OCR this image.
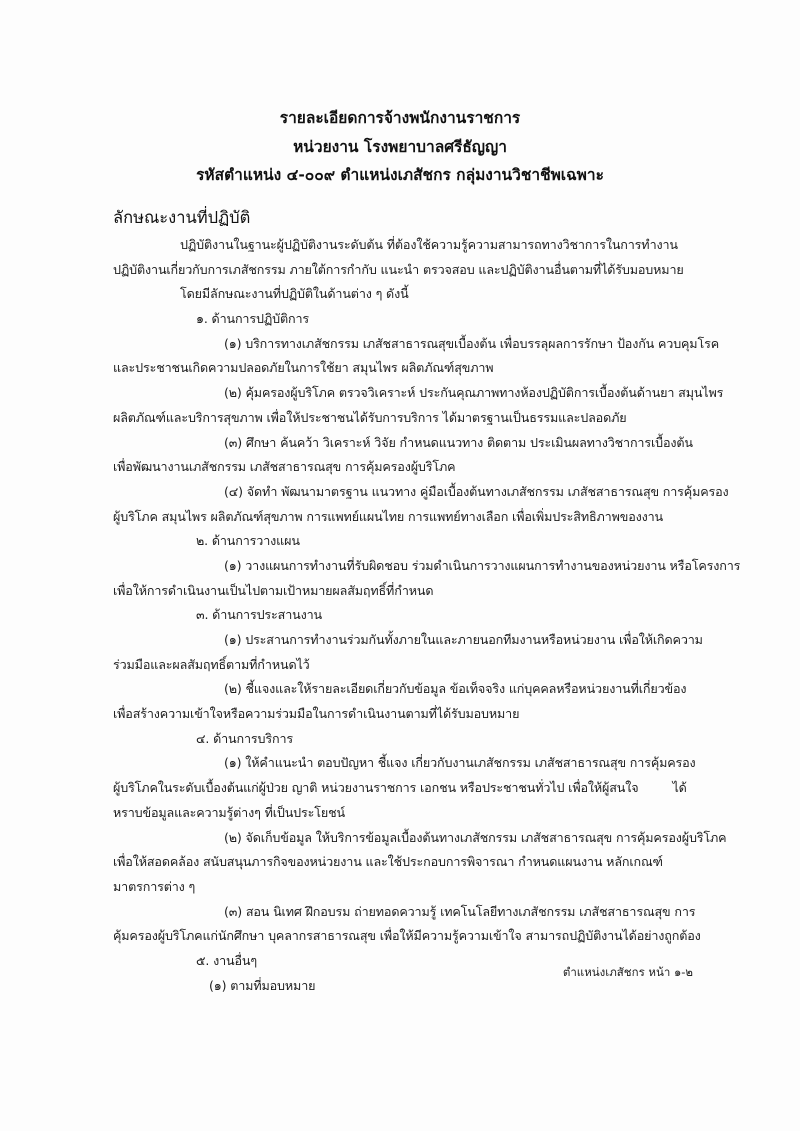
รายละเอียดการจ้างพนักงานราชการ
หน่วยงาน โรงพยาบาลศรีธัญญา
รหัสตำแหน่ง ๔-๐๐๙ ตำแหน่งเภสัชกร กลุ่มงานวิชาชีพเฉพาะ
ลักษณะงานที่ปฏิบัติ
ปฏิบัติงานในฐานะผู้ปฏิบัติงานระดับต้น ที่ต้องใช้ความรู้ความสามารถทางวิชาการในการทำงาน
ปฏิบัติงานเกี่ยวกับการเภสัชกรรม ภายใต้การกำกับ แนะนำ ตรวจสอบ และปฏิบัติงานอื่นตามที่ได้รับมอบหมาย
โดยมีลักษณะงานที่ปฏิบัติในด้านต่าง ๆ ดังนี้
๑. ด้านการปฏิบัติการ
(๑) บริการทางเภสัชกรรม เภสัชสาธารณสุขเบื้องต้น เพื่อบรรลุผลการรักษา ป้องกัน ควบคุมโรค
และประชาชนเกิดความปลอดภัยในการใช้ยา สมุนไพร ผลิตภัณฑ์สุขภาพ
(๒) คุ้มครองผู้บริโภค ตรวจวิเคราะห์ ประกันคุณภาพทางห้องปฏิบัติการเบื้องต้นด้านยา สมุนไพร
ผลิตภัณฑ์และบริการสุขภาพ เพื่อให้ประชาชนได้รับการบริการ ได้มาตรฐานเป็นธรรมและปลอดภัย
(๓) ศึกษา ค้นคว้า วิเคราะห์ วิจัย กำหนดแนวทาง ติดตาม ประเมินผลทางวิชาการเบื้องต้น
เพื่อพัฒนางานเภสัชกรรม เภสัชสาธารณสุข การคุ้มครองผู้บริโภค
(๔) จัดทำ พัฒนามาตรฐาน แนวทาง คู่มือเบื้องต้นทางเภสัชกรรม เภสัชสาธารณสุข การคุ้มครอง
ผู้บริโภค สมุนไพร ผลิตภัณฑ์สุขภาพ การแพทย์แผนไทย การแพทย์ทางเลือก เพื่อเพิ่มประสิทธิภาพของงาน
๒. ด้านการวางแผน
(๑) วางแผนการทำงานที่รับผิดชอบ ร่วมดำเนินการวางแผนการทำงานของหน่วยงาน หรือโครงการ
เพื่อให้การดำเนินงานเป็นไปตามเป้าหมายผลสัมฤทธิ์ที่กำหนด
๓. ด้านการประสานงาน
(๑) ประสานการทำงานร่วมกันทั้งภายในและภายนอกทีมงานหรือหน่วยงาน เพื่อให้เกิดความ
ร่วมมือและผลสัมฤทธิ์ตามที่กำหนดไว้
(๒) ชี้แจงและให้รายละเอียดเกี่ยวกับข้อมูล ข้อเท็จจริง แก่บุคคลหรือหน่วยงานที่เกี่ยวข้อง
เพื่อสร้างความเข้าใจหรือความร่วมมือในการดำเนินงานตามที่ได้รับมอบหมาย
๔. ด้านการบริการ
(๑) ให้คำแนะนำ ตอบปัญหา ชี้แจง เกี่ยวกับงานเภสัชกรรม เภสัชสาธารณสุข การคุ้มครอง
ผู้บริโภคในระดับเบื้องต้นแก่ผู้ป่วย ญาติ หน่วยงานราชการ เอกชน หรือประชาชนทั่วไป เพื่อให้ผู้สนใจ	ได้
หราบข้อมูลและความรู้ต่างๆ ที่เป็นประโยชน์
(๒) จัดเก็บข้อมูล ให้บริการข้อมูลเบื้องต้นทางเภสัชกรรม เภสัชสาธารณสุข การคุ้มครองผู้บริโภค
เพื่อให้สอดคล้อง สนับสนุนภารกิจของหน่วยงาน และใช้ประกอบการพิจารณา กำหนดแผนงาน หลักเกณฑ์
มาตรการต่าง ๆ
(๓) สอน นิเทศ ฝึกอบรม ถ่ายทอดความรู้ เทคโนโลยีทางเภสัชกรรม เภสัชสาธารณสุข การ
คุ้มครองผู้บริโภคแก่นักศึกษา บุคลากรสาธารณสุข เพื่อให้มีความรู้ความเข้าใจ สามารถปฏิบัติงานได้อย่างถูกต้อง
๕. งานอื่นๆ
(๑) ตามที่มอบหมาย
ตำแหน่งเภสัชกร หน้า ๑-๒
